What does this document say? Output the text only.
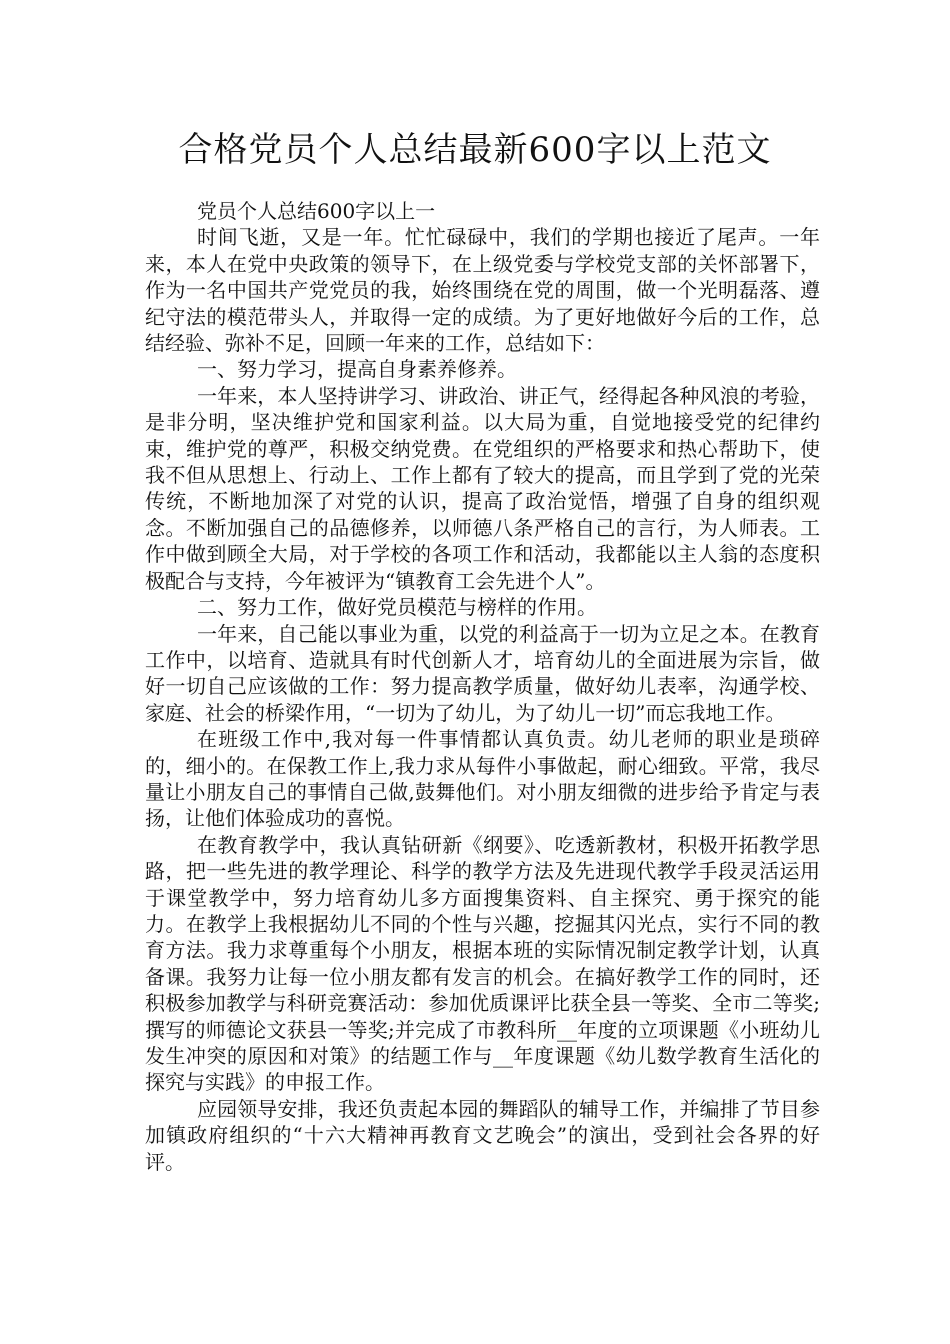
合格党员个人总结最新600字以上范文

党员个人总结600字以上一

时间飞逝，又是一年。忙忙碌碌中，我们的学期也接近了尾声。一年来，本人在党中央政策的领导下，在上级党委与学校党支部的关怀部署下，作为一名中国共产党党员的我，始终围绕在党的周围，做一个光明磊落、遵纪守法的模范带头人，并取得一定的成绩。为了更好地做好今后的工作，总结经验、弥补不足，回顾一年来的工作，总结如下：

一、努力学习，提高自身素养修养。

一年来，本人坚持讲学习、讲政治、讲正气，经得起各种风浪的考验，是非分明，坚决维护党和国家利益。以大局为重，自觉地接受党的纪律约束，维护党的尊严，积极交纳党费。在党组织的严格要求和热心帮助下，使我不但从思想上、行动上、工作上都有了较大的提高，而且学到了党的光荣传统，不断地加深了对党的认识，提高了政治觉悟，增强了自身的组织观念。不断加强自己的品德修养，以师德八条严格自己的言行，为人师表。工作中做到顾全大局，对于学校的各项工作和活动，我都能以主人翁的态度积极配合与支持，今年被评为“镇教育工会先进个人”。

二、努力工作，做好党员模范与榜样的作用。

一年来，自己能以事业为重，以党的利益高于一切为立足之本。在教育工作中，以培育、造就具有时代创新人才，培育幼儿的全面进展为宗旨，做好一切自己应该做的工作：努力提高教学质量，做好幼儿表率，沟通学校、家庭、社会的桥梁作用，“一切为了幼儿，为了幼儿一切”而忘我地工作。

在班级工作中,我对每一件事情都认真负责。幼儿老师的职业是琐碎的，细小的。在保教工作上,我力求从每件小事做起，耐心细致。平常，我尽量让小朋友自己的事情自己做,鼓舞他们。对小朋友细微的进步给予肯定与表扬，让他们体验成功的喜悦。

在教育教学中，我认真钻研新《纲要》、吃透新教材，积极开拓教学思路，把一些先进的教学理论、科学的教学方法及先进现代教学手段灵活运用于课堂教学中，努力培育幼儿多方面搜集资料、自主探究、勇于探究的能力。在教学上我根据幼儿不同的个性与兴趣，挖掘其闪光点，实行不同的教育方法。我力求尊重每个小朋友，根据本班的实际情况制定教学计划，认真备课。我努力让每一位小朋友都有发言的机会。在搞好教学工作的同时，还积极参加教学与科研竞赛活动：参加优质课评比获全县一等奖、全市二等奖;撰写的师德论文获县一等奖;并完成了市教科所__年度的立项课题《小班幼儿发生冲突的原因和对策》的结题工作与__年度课题《幼儿数学教育生活化的探究与实践》的申报工作。

应园领导安排，我还负责起本园的舞蹈队的辅导工作，并编排了节目参加镇政府组织的“十六大精神再教育文艺晚会”的演出，受到社会各界的好评。
